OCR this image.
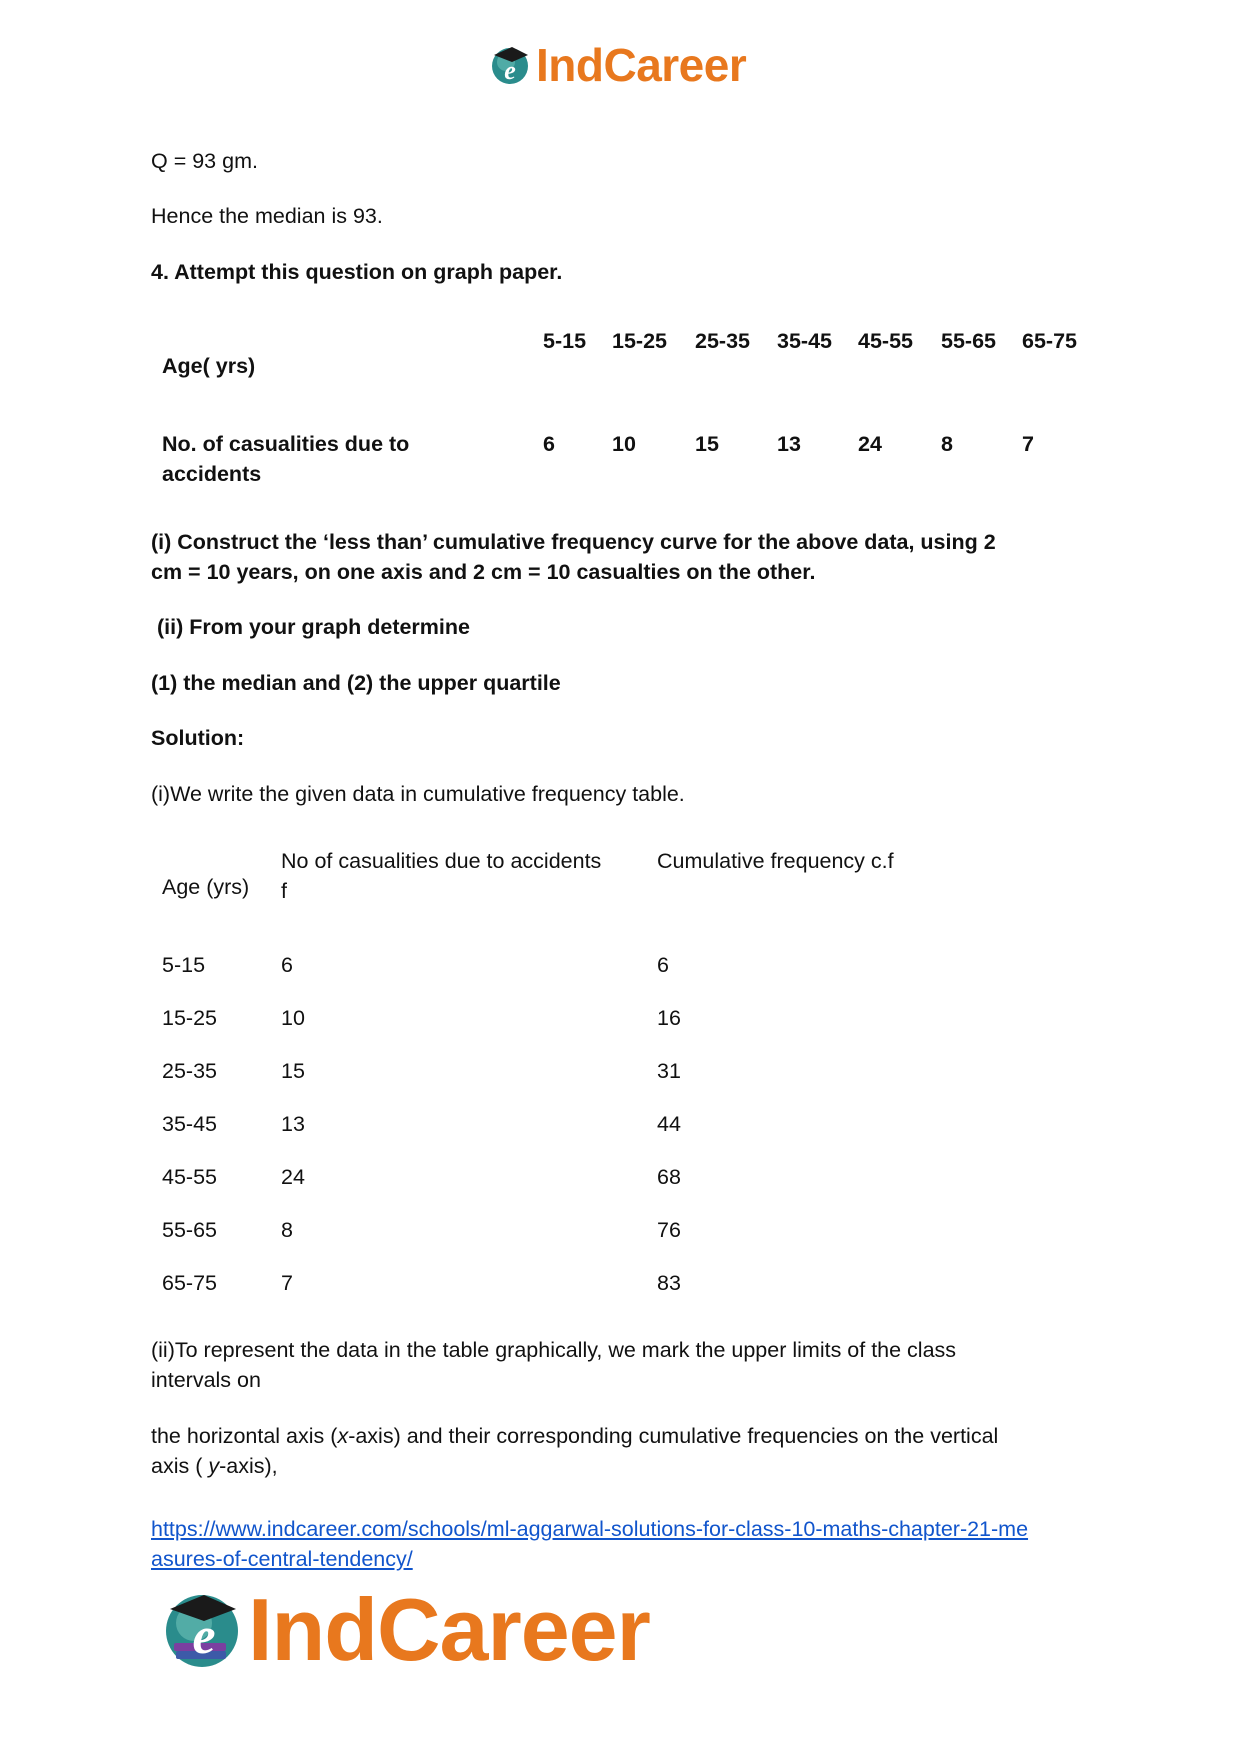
e IndCareer

Q = 93 gm.

Hence the median is 93.

4. Attempt this question on graph paper.

Age( yrs)
5-15 15-25 25-35 35-45 45-55 55-65 65-75
No. of casualities due to
accidents
6	10	15	13	24	8	7

(i) Construct the ‘less than’ cumulative frequency curve for the above data, using 2

cm = 10 years, on one axis and 2 cm = 10 casualties on the other.

(ii) From your graph determine

(1) the median and (2) the upper quartile

Solution:

(i)We write the given data in cumulative frequency table.

Age (yrs)
No of casualities due to accidents
f
Cumulative frequency c.f
5-15	6	6
15-25	10	16
25-35	15	31
35-45	13	44
45-55	24	68
55-65	8	76
65-75	7	83

(ii)To represent the data in the table graphically, we mark the upper limits of the class

intervals on

the horizontal axis (x-axis) and their corresponding cumulative frequencies on the vertical

axis ( y-axis),

https://www.indcareer.com/schools/ml-aggarwal-solutions-for-class-10-maths-chapter-21-me
asures-of-central-tendency/
e IndCareer
